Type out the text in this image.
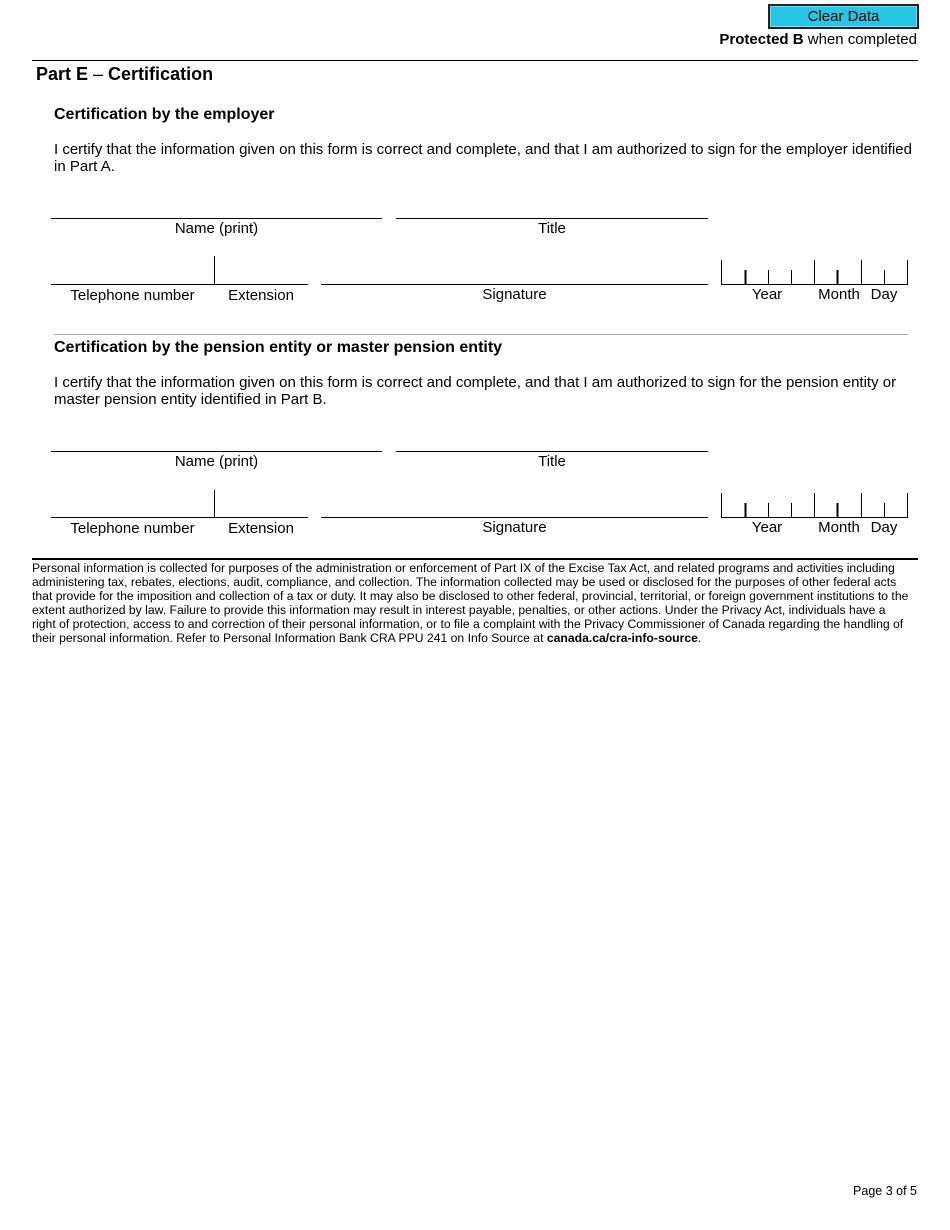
Clear Data
Protected B when completed
Part E – Certification
Certification by the employer
I certify that the information given on this form is correct and complete, and that I am authorized to sign for the employer identified in Part A.
Name (print)	Title
Telephone number	Extension	Signature	Year	Month Day
Certification by the pension entity or master pension entity
I certify that the information given on this form is correct and complete, and that I am authorized to sign for the pension entity or master pension entity identified in Part B.
Name (print)	Title
Telephone number	Extension	Signature	Year	Month Day
Personal information is collected for purposes of the administration or enforcement of Part IX of the Excise Tax Act, and related programs and activities including administering tax, rebates, elections, audit, compliance, and collection. The information collected may be used or disclosed for the purposes of other federal acts that provide for the imposition and collection of a tax or duty. It may also be disclosed to other federal, provincial, territorial, or foreign government institutions to the extent authorized by law. Failure to provide this information may result in interest payable, penalties, or other actions. Under the Privacy Act, individuals have a right of protection, access to and correction of their personal information, or to file a complaint with the Privacy Commissioner of Canada regarding the handling of their personal information. Refer to Personal Information Bank CRA PPU 241 on Info Source at canada.ca/cra-info-source.
Page 3 of 5
